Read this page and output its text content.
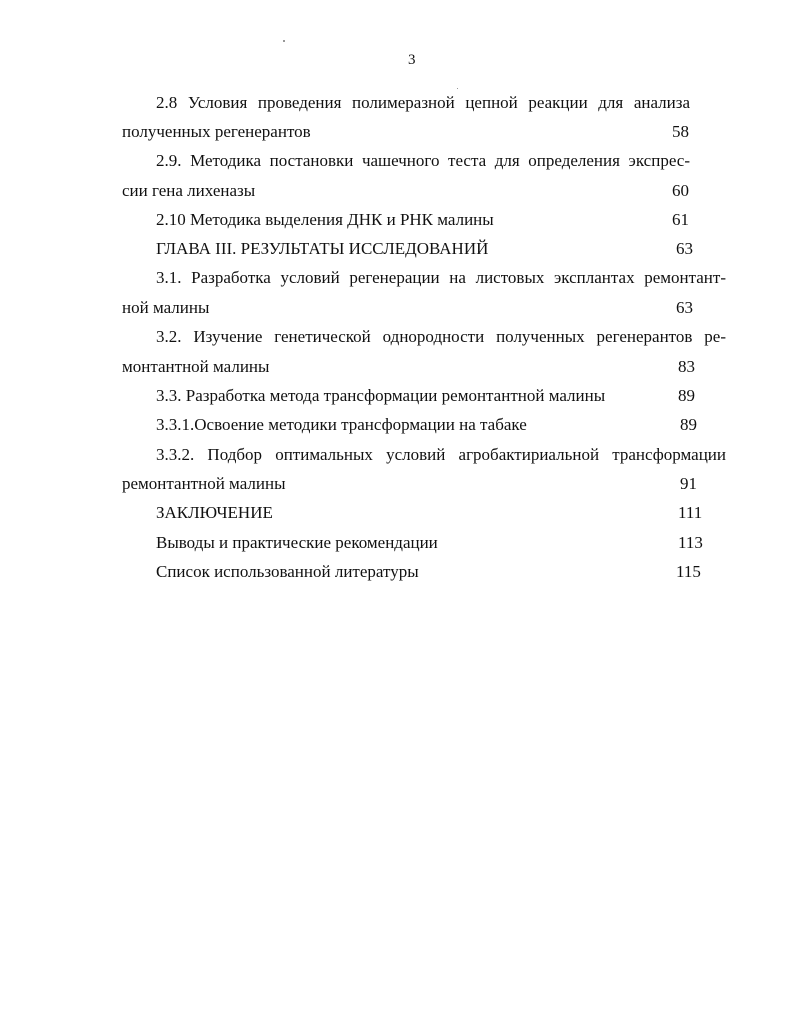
3
2.8 Условия проведения полимеразной цепной реакции для анализа
полученных регенерантов	58
2.9. Методика постановки чашечного теста для определения экспрес-
сии гена лихеназы	60
2.10 Методика выделения ДНК и РНК малины	61
ГЛАВА III. РЕЗУЛЬТАТЫ ИССЛЕДОВАНИЙ	63
3.1. Разработка условий регенерации на листовых эксплантах ремонтант-
ной малины	63
3.2. Изучение генетической однородности полученных регенерантов ре-
монтантной малины	83
3.3. Разработка метода трансформации ремонтантной малины	89
3.3.1.Освоение методики трансформации на табаке	89
3.3.2. Подбор оптимальных условий агробактириальной трансформации
ремонтантной малины	91
ЗАКЛЮЧЕНИЕ	111
Выводы и практические рекомендации	113
Список использованной литературы	115
